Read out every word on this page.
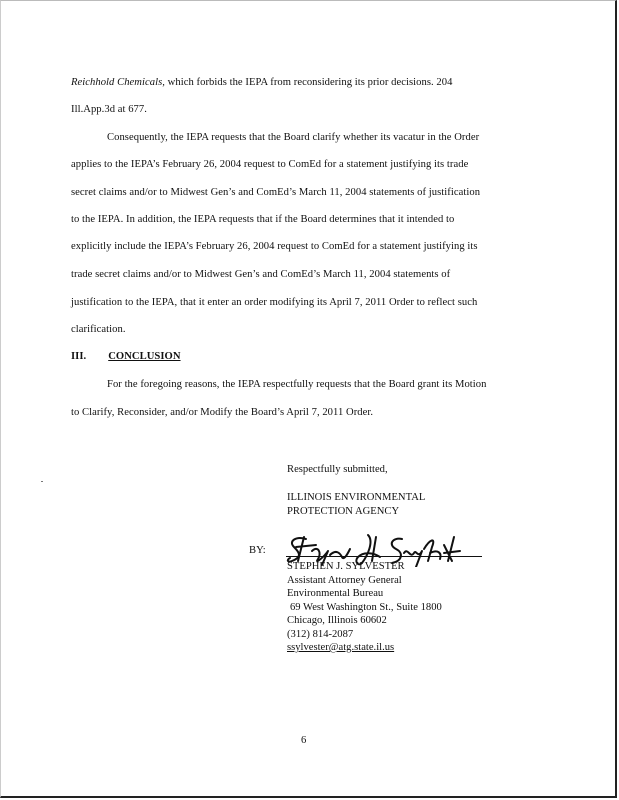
Reichhold Chemicals, which forbids the IEPA from reconsidering its prior decisions. 204
Ill.App.3d at 677.
Consequently, the IEPA requests that the Board clarify whether its vacatur in the Order
applies to the IEPA’s February 26, 2004 request to ComEd for a statement justifying its trade
secret claims and/or to Midwest Gen’s and ComEd’s March 11, 2004 statements of justification
to the IEPA. In addition, the IEPA requests that if the Board determines that it intended to
explicitly include the IEPA’s February 26, 2004 request to ComEd for a statement justifying its
trade secret claims and/or to Midwest Gen’s and ComEd’s March 11, 2004 statements of
justification to the IEPA, that it enter an order modifying its April 7, 2011 Order to reflect such
clarification.
III. CONCLUSION
For the foregoing reasons, the IEPA respectfully requests that the Board grant its Motion
to Clarify, Reconsider, and/or Modify the Board’s April 7, 2011 Order.
Respectfully submitted,
ILLINOIS ENVIRONMENTAL
PROTECTION AGENCY
BY:
STEPHEN J. SYLVESTER
Assistant Attorney General
Environmental Bureau
69 West Washington St., Suite 1800
Chicago, Illinois 60602
(312) 814-2087
ssylvester@atg.state.il.us
6
